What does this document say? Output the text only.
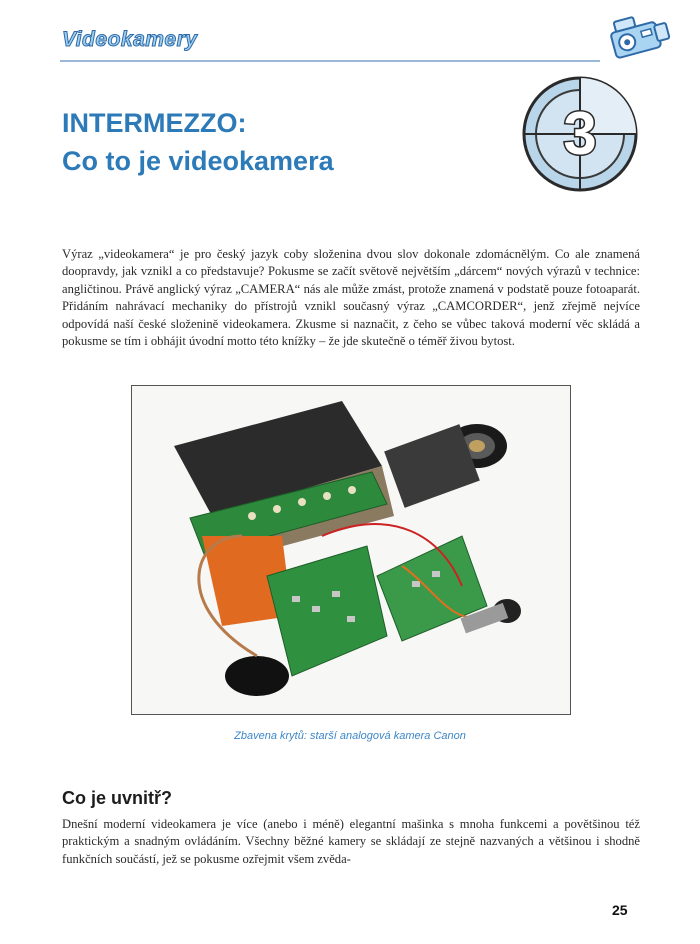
Videokamery
INTERMEZZO:
Co to je videokamera	3

Výraz „videokamera“ je pro český jazyk coby složenina dvou slov dokonale zdomácnělým. Co ale znamená doopravdy, jak vznikl a co představuje? Pokusme se začít světově největším „dárcem“ nových výrazů v technice: angličtinou. Právě anglický výraz „CAMERA“ nás ale může zmást, protože znamená v podstatě pouze fotoaparát. Přidáním nahrávací mechaniky do přístrojů vznikl současný výraz „CAMCORDER“, jenž zřejmě nejvíce odpovídá naší české složenině videokamera. Zkusme si naznačit, z čeho se vůbec taková moderní věc skládá a pokusme se tím i obhájit úvodní motto této knížky – že jde skutečně o téměř živou bytost.

Zbavena krytů: starší analogová kamera Canon
Co je uvnitř?

Dnešní moderní videokamera je více (anebo i méně) elegantní mašinka s mnoha funkcemi a povětšinou též praktickým a snadným ovládáním. Všechny běžné kamery se skládají ze stejně nazvaných a většinou i shodně funkčních součástí, jež se pokusme ozřejmit všem zvěda-

25
